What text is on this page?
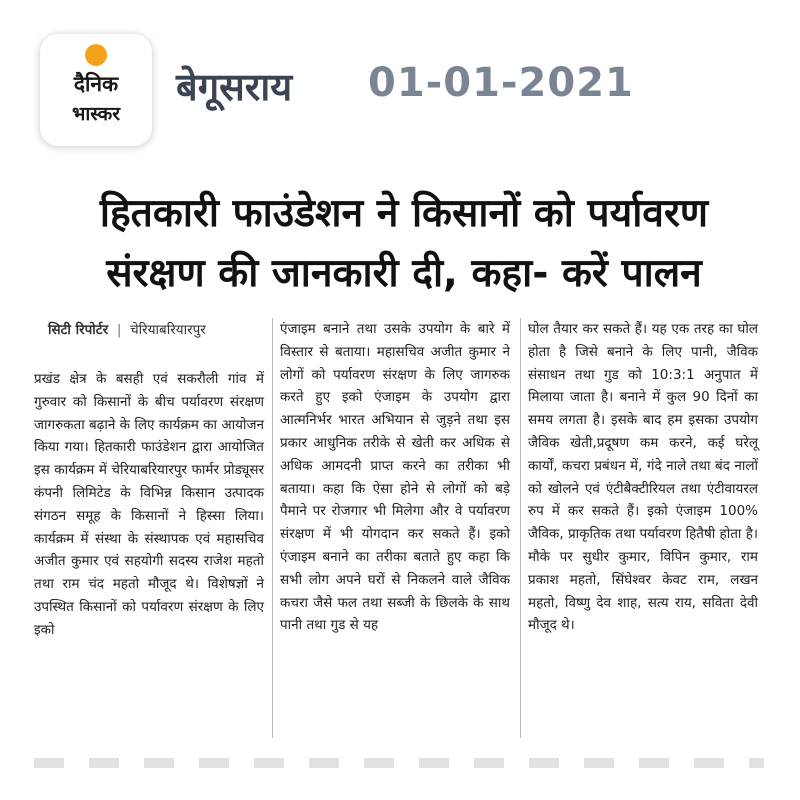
दैनिक
भास्कर
बेगूसराय 01-01-2021
हितकारी फाउंडेशन ने किसानों को पर्यावरण
संरक्षण की जानकारी दी, कहा- करें पालन
सिटी रिपोर्टर | चेरियाबरियारपुर

प्रखंड क्षेत्र के बसही एवं सकरौली गांव में गुरुवार को किसानों के बीच पर्यावरण संरक्षण जागरुकता बढ़ाने के लिए कार्यक्रम का आयोजन किया गया। हितकारी फाउंडेशन द्वारा आयोजित इस कार्यक्रम में चेरियाबरियारपुर फार्मर प्रोड्यूसर कंपनी लिमिटेड के विभिन्न किसान उत्पादक संगठन समूह के किसानों ने हिस्सा लिया।कार्यक्रम में संस्था के संस्थापक एवं महासचिव अजीत कुमार एवं सहयोगी सदस्य राजेश महतो तथा राम चंद महतो मौजूद थे। विशेषज्ञों ने उपस्थित किसानों को पर्यावरण संरक्षण के लिए इको

एंजाइम बनाने तथा उसके उपयोग के बारे में विस्तार से बताया। महासचिव अजीत कुमार ने लोगों को पर्यावरण संरक्षण के लिए जागरुक करते हुए इको एंजाइम के उपयोग द्वारा आत्मनिर्भर भारत अभियान से जुड़ने तथा इस प्रकार आधुनिक तरीके से खेती कर अधिक से अधिक आमदनी प्राप्त करने का तरीका भी बताया। कहा कि ऐसा होने से लोगों को बड़े पैमाने पर रोजगार भी मिलेगा और वे पर्यावरण संरक्षण में भी योगदान कर सकते हैं। इको एंजाइम बनाने का तरीका बताते हुए कहा कि सभी लोग अपने घरों से निकलने वाले जैविक कचरा जैसे फल तथा सब्जी के छिलके के साथ पानी तथा गुड से यह

घोल तैयार कर सकते हैं। यह एक तरह का घोल होता है जिसे बनाने के लिए पानी, जैविक संसाधन तथा गुड को 10:3:1 अनुपात में मिलाया जाता है। बनाने में कुल 90 दिनों का समय लगता है। इसके बाद हम इसका उपयोग जैविक खेती,प्रदूषण कम करने, कई घरेलू कार्यों, कचरा प्रबंधन में, गंदे नाले तथा बंद नालों को खोलने एवं एंटीबैक्टीरियल तथा एंटीवायरल रुप में कर सकते हैं। इको एंजाइम 100% जैविक, प्राकृतिक तथा पर्यावरण हितैषी होता है। मौके पर सुधीर कुमार, विपिन कुमार, राम प्रकाश महतो, सिंघेश्वर केवट राम, लखन महतो, विष्णु देव शाह, सत्य राय, सविता देवी मौजूद थे।
